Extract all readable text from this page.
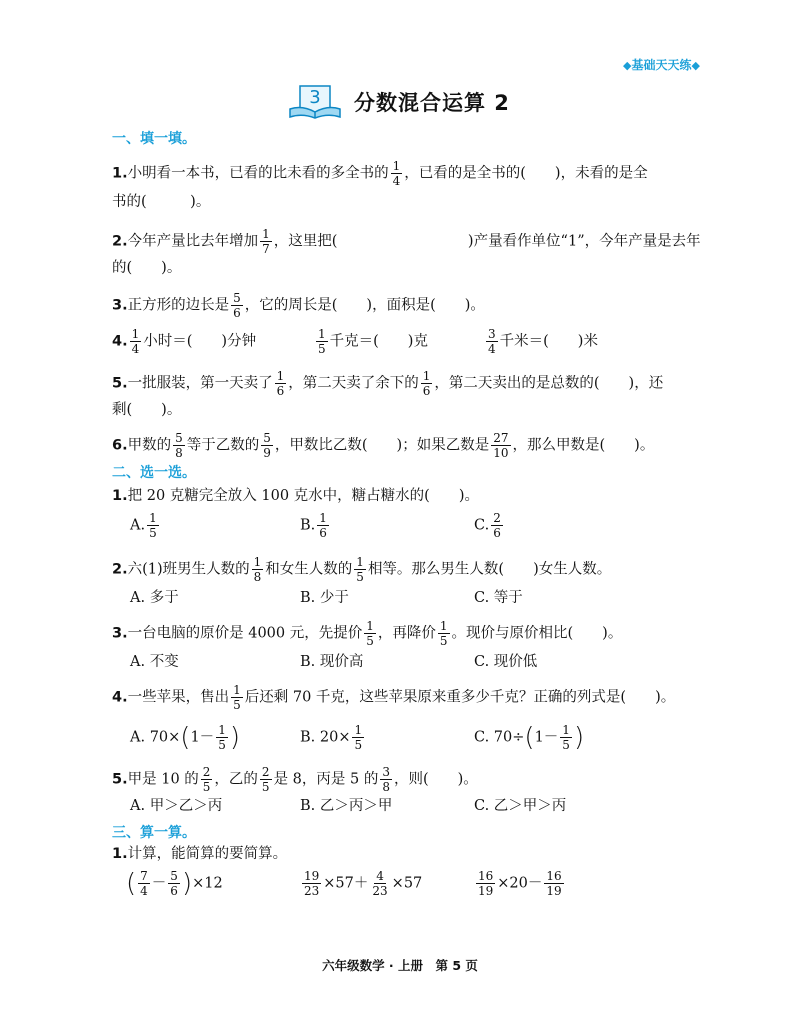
◆基础天天练◆
3 分数混合运算 2
一、填一填。
1.小明看一本书，已看的比未看的多全书的 $\frac{1}{4}$ ，已看的是全书的(　　)，未看的是全
书的(　　　)。
2.今年产量比去年增加 $\frac{1}{7}$ ，这里把(　　　　　　　　　)产量看作单位“1”，今年产量是去年
的(　　)。
3.正方形的边长是 $\frac{5}{6}$ ，它的周长是(　　)，面积是(　　)。
4. $\frac{1}{4}$ 小时＝(　　)分钟	$\frac{1}{5}$ 千克＝(　　)克	$\frac{3}{4}$ 千米＝(　　)米
5.一批服装，第一天卖了 $\frac{1}{6}$ ，第二天卖了余下的 $\frac{1}{6}$ ，第二天卖出的是总数的(　　)，还
剩(　　)。
6.甲数的 $\frac{5}{8}$ 等于乙数的 $\frac{5}{9}$ ，甲数比乙数(　　)；如果乙数是 $\frac{27}{10}$ ，那么甲数是(　　)。
二、选一选。
1.把 20 克糖完全放入 100 克水中，糖占糖水的(　　)。
A. $\frac{1}{5}$	B. $\frac{1}{6}$	C. $\frac{2}{6}$
2.六(1)班男生人数的 $\frac{1}{8}$ 和女生人数的 $\frac{1}{5}$ 相等。那么男生人数(　　)女生人数。
A. 多于	B. 少于	C. 等于
3.一台电脑的原价是 4000 元，先提价 $\frac{1}{5}$ ，再降价 $\frac{1}{5}$ 。现价与原价相比(　　)。
A. 不变	B. 现价高	C. 现价低
4.一些苹果，售出 $\frac{1}{5}$ 后还剩 70 千克，这些苹果原来重多少千克？正确的列式是(　　)。
A. $70\times(1- \frac{1}{5}$ )	B. $20\times \frac{1}{5}$	C. $70\div(1- \frac{1}{5}$ )
5.甲是 10 的 $\frac{2}{5}$ ，乙的 $\frac{2}{5}$ 是 8，丙是 5 的 $\frac{3}{8}$ ，则(　　)。
A. 甲＞乙＞丙	B. 乙＞丙＞甲	C. 乙＞甲＞丙
三、算一算。
1.计算，能简算的要简算。
( $\frac{7}{4} - \frac{5}{6} )\times 12$	$\frac{19}{23} \times 57+ \frac{4}{23} \times 57$	$\frac{16}{19} \times 20- \frac{16}{19}$
六年级数学 · 上册　第 5 页
